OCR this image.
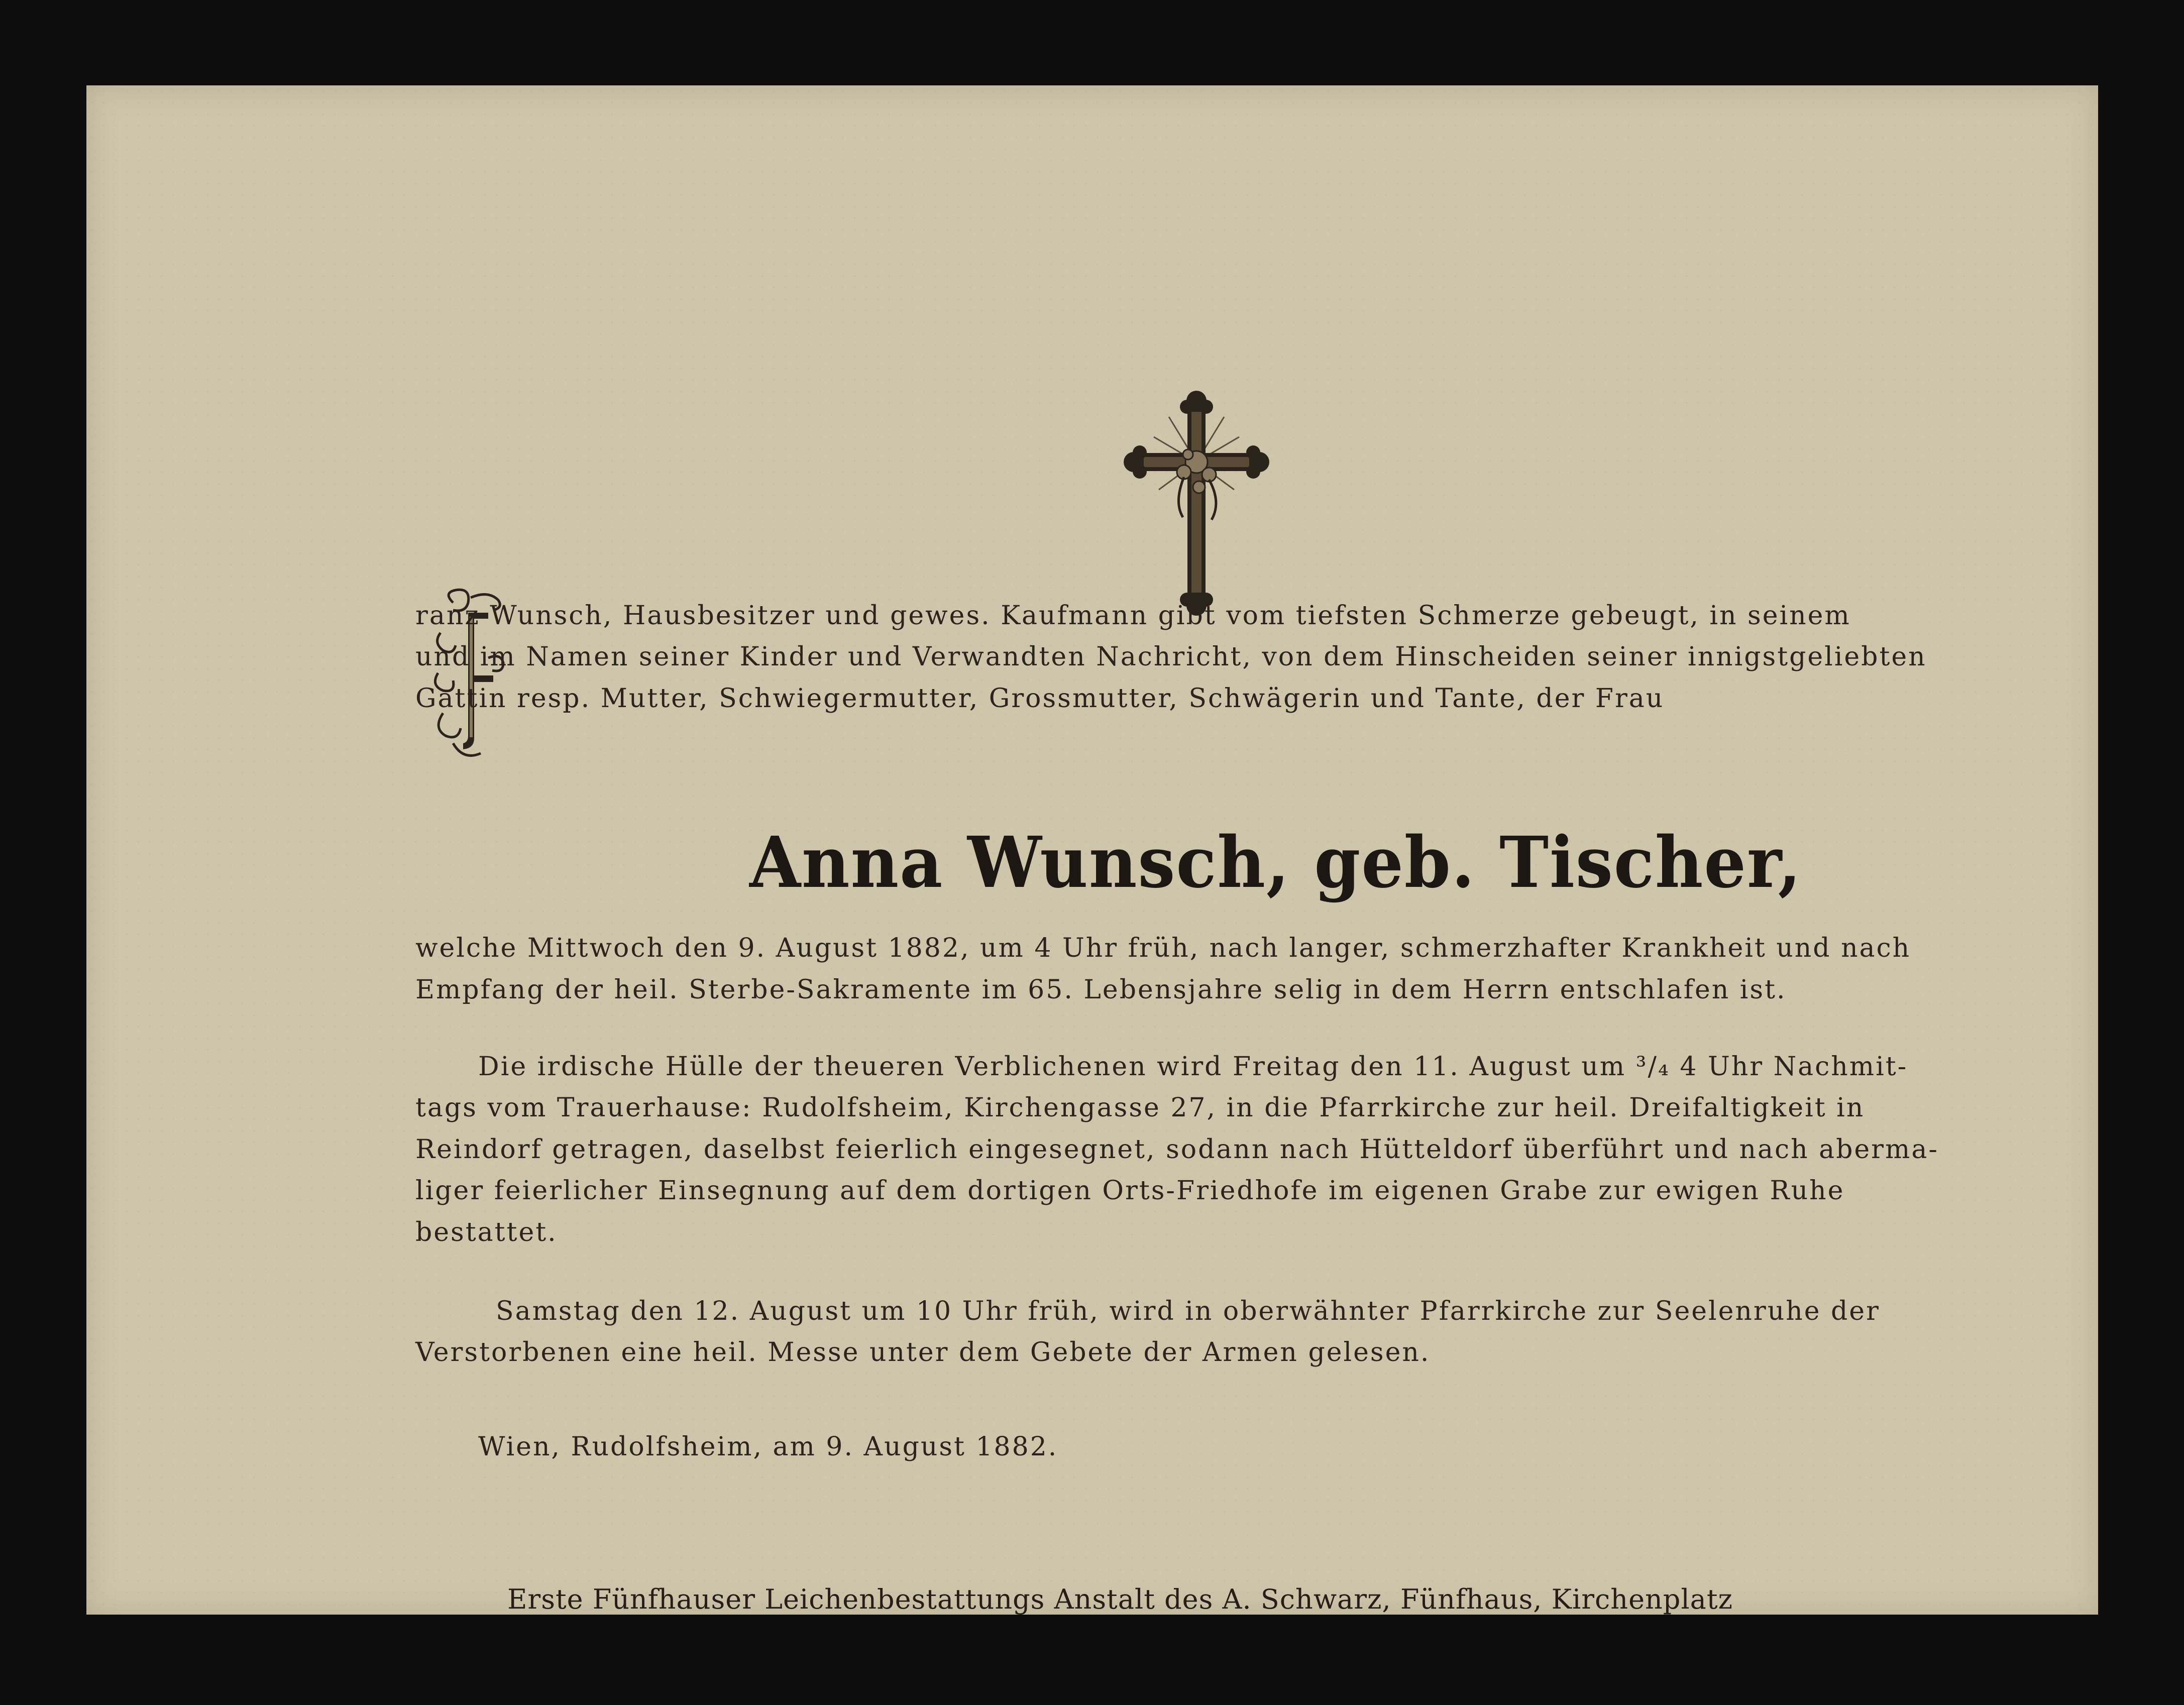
ranz Wunsch, Hausbesitzer und gewes. Kaufmann gibt vom tiefsten Schmerze gebeugt, in seinem
und im Namen seiner Kinder und Verwandten Nachricht, von dem Hinscheiden seiner innigstgeliebten
Gattin resp. Mutter, Schwiegermutter, Grossmutter, Schwägerin und Tante, der Frau
Anna Wunsch, geb. Tischer,
welche Mittwoch den 9. August 1882, um 4 Uhr früh, nach langer, schmerzhafter Krankheit und nach
Empfang der heil. Sterbe-Sakramente im 65. Lebensjahre selig in dem Herrn entschlafen ist.
Die irdische Hülle der theueren Verblichenen wird Freitag den 11. August um ³/₄ 4 Uhr Nachmit-
tags vom Trauerhause: Rudolfsheim, Kirchengasse 27, in die Pfarrkirche zur heil. Dreifaltigkeit in
Reindorf getragen, daselbst feierlich eingesegnet, sodann nach Hütteldorf überführt und nach aberma-
liger feierlicher Einsegnung auf dem dortigen Orts-Friedhofe im eigenen Grabe zur ewigen Ruhe
bestattet.
Samstag den 12. August um 10 Uhr früh, wird in oberwähnter Pfarrkirche zur Seelenruhe der
Verstorbenen eine heil. Messe unter dem Gebete der Armen gelesen.
Wien, Rudolfsheim, am 9. August 1882.
Erste Fünfhauser Leichenbestattungs Anstalt des A. Schwarz, Fünfhaus, Kirchenplatz
